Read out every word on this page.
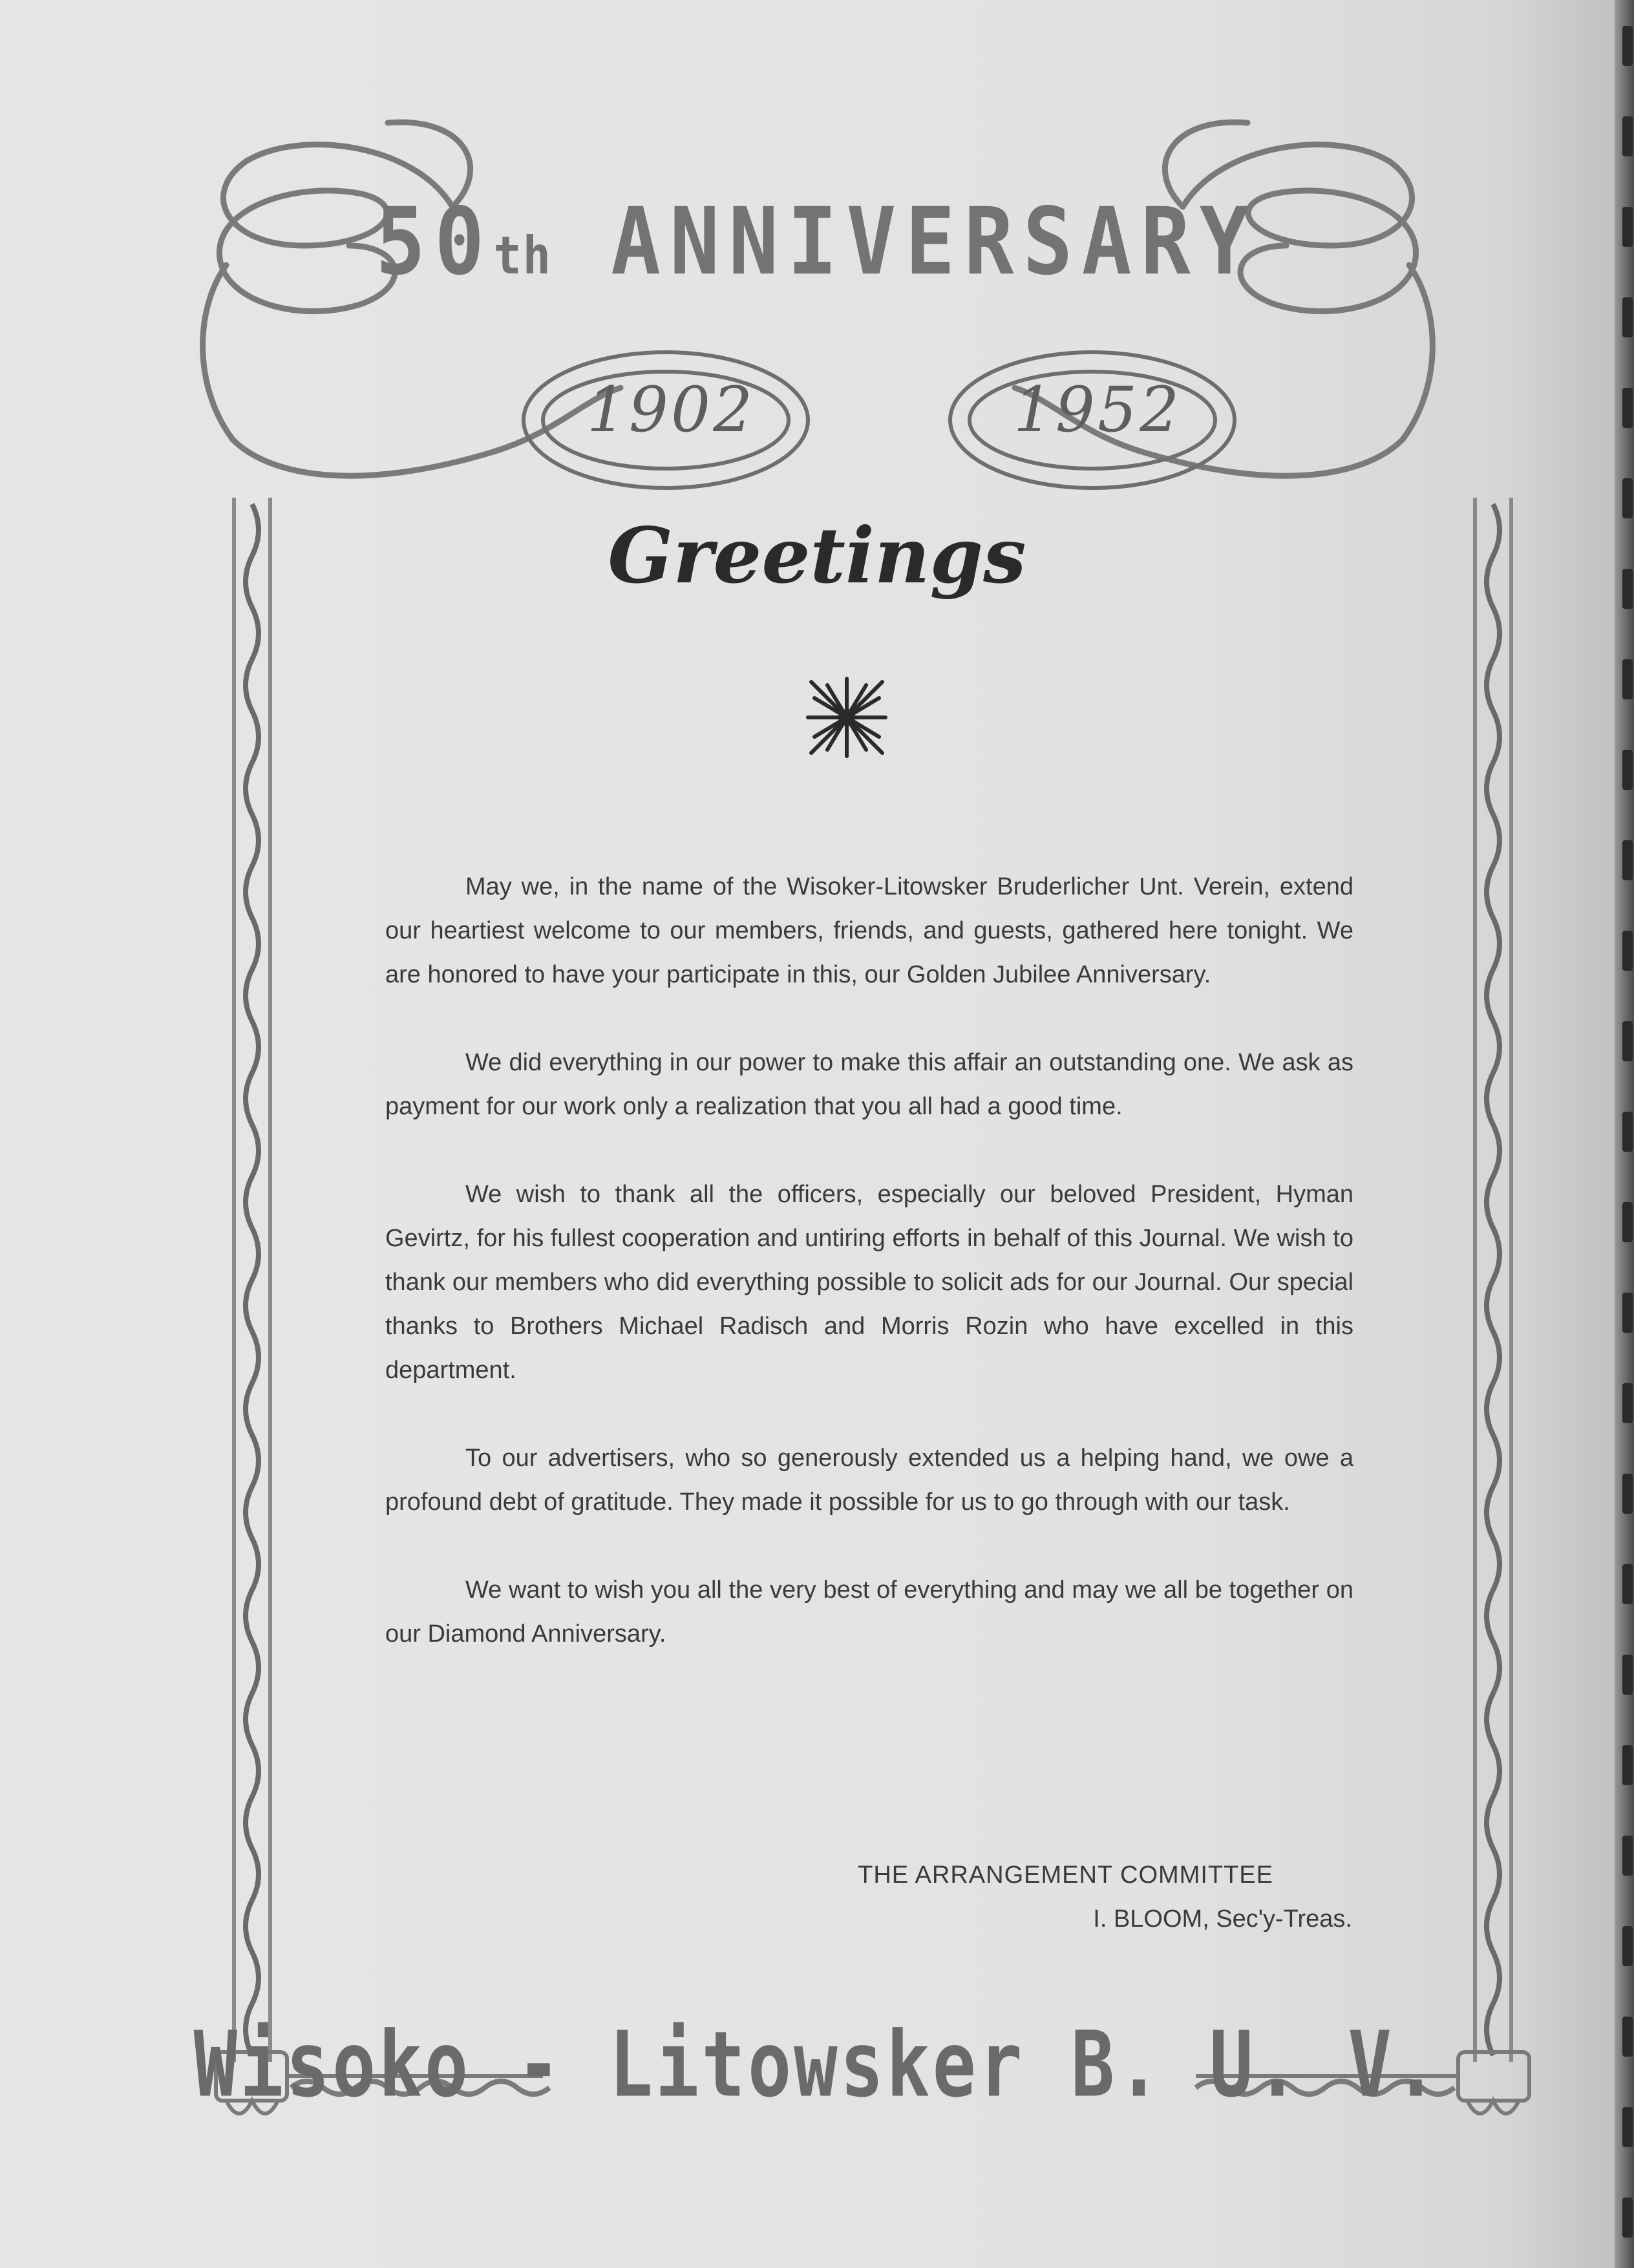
50th ANNIVERSARY
1902	1952
Greetings

May we, in the name of the Wisoker-Litowsker Bruderlicher Unt. Verein, extend our heartiest welcome to our members, friends, and guests, gathered here tonight. We are honored to have your participate in this, our Golden Jubilee Anniversary.

We did everything in our power to make this affair an outstanding one. We ask as payment for our work only a realization that you all had a good time.

We wish to thank all the officers, especially our beloved President, Hyman Gevirtz, for his fullest cooperation and untiring efforts in behalf of this Journal. We wish to thank our members who did everything possible to solicit ads for our Journal. Our special thanks to Brothers Michael Radisch and Morris Rozin who have excelled in this department.

To our advertisers, who so generously extended us a helping hand, we owe a profound debt of gratitude. They made it possible for us to go through with our task.

We want to wish you all the very best of everything and may we all be together on our Diamond Anniversary.

THE ARRANGEMENT COMMITTEE
I. BLOOM, Sec'y-Treas.
Wisoko - Litowsker B. U. V.
